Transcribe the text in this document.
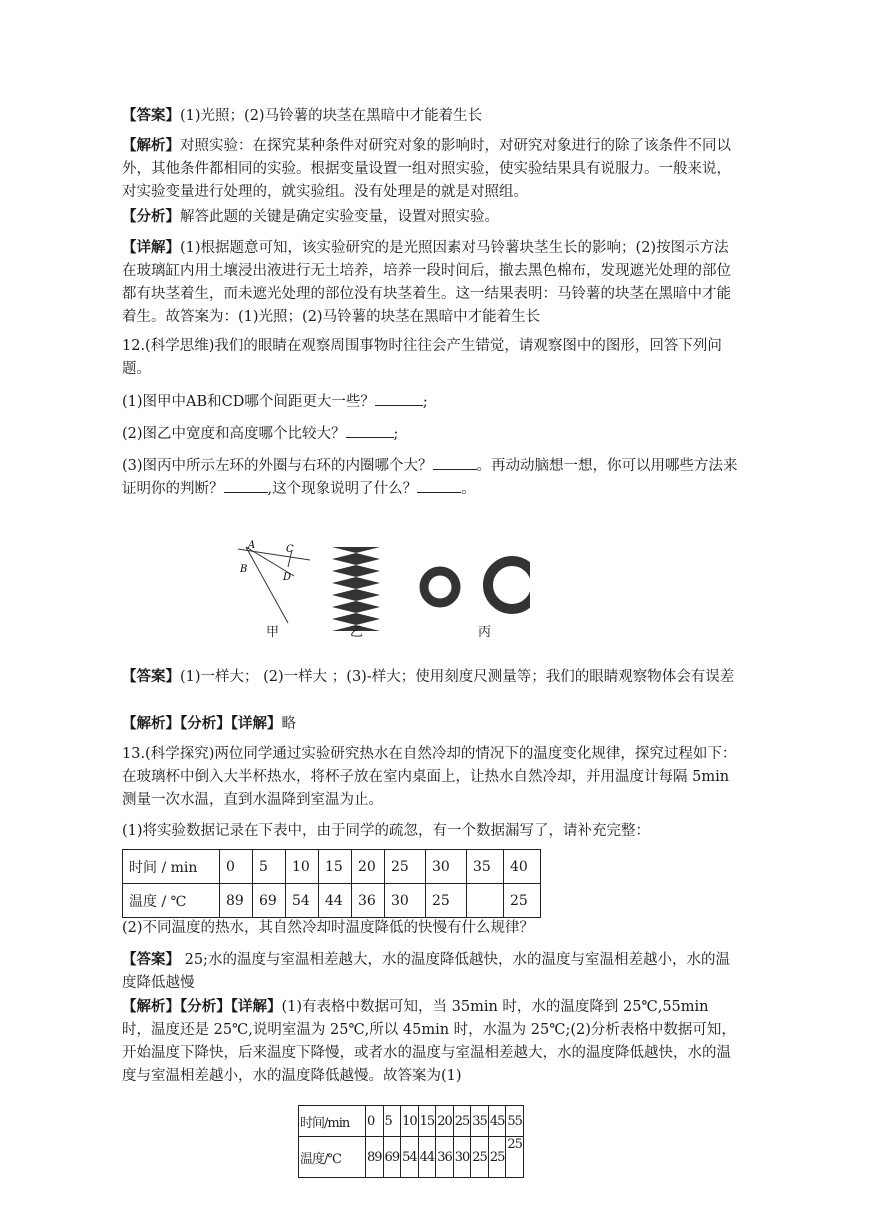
【答案】(1)光照；(2)马铃薯的块茎在黑暗中才能着生长

【解析】对照实验：在探究某种条件对研究对象的影响时，对研究对象进行的除了该条件不同以外，其他条件都相同的实验。根据变量设置一组对照实验，使实验结果具有说服力。一般来说，对实验变量进行处理的，就实验组。没有处理是的就是对照组。

【分析】解答此题的关键是确定实验变量，设置对照实验。

【详解】(1)根据题意可知，该实验研究的是光照因素对马铃薯块茎生长的影响；(2)按图示方法在玻璃缸内用土壤浸出液进行无土培养，培养一段时间后，撤去黑色棉布，发现遮光处理的部位都有块茎着生，而未遮光处理的部位没有块茎着生。这一结果表明：马铃薯的块茎在黑暗中才能着生。故答案为：(1)光照；(2)马铃薯的块茎在黑暗中才能着生长

12.(科学思维)我们的眼睛在观察周围事物时往往会产生错觉，请观察图中的图形，回答下列问题。

(1)图甲中AB和CD哪个间距更大一些？	;

(2)图乙中宽度和高度哪个比较大？	;

(3)图丙中所示左环的外圈与右环的内圈哪个大？	。再动动脑想一想，你可以用哪些方法来证明你的判断？	,这个现象说明了什么？	。

A
B
C
D
甲	乙	丙

【答案】(1)一样大； (2)一样大 ；(3)-样大；使用刻度尺测量等；我们的眼睛观察物体会有误差

【解析】【分析】【详解】略

13.(科学探究)两位同学通过实验研究热水在自然冷却的情况下的温度变化规律，探究过程如下：在玻璃杯中倒入大半杯热水，将杯子放在室内桌面上，让热水自然冷却，并用温度计每隔 5min 测量一次水温，直到水温降到室温为止。

(1)将实验数据记录在下表中，由于同学的疏忽，有一个数据漏写了，请补充完整：

时间 / min	0	5	10	15	20	25	30	35	40
温度 / ℃	89	69	54	44	36	30	25		25

(2)不同温度的热水，其自然冷却时温度降低的快慢有什么规律？

【答案】 25;水的温度与室温相差越大，水的温度降低越快，水的温度与室温相差越小，水的温度降低越慢

【解析】【分析】【详解】(1)有表格中数据可知，当 35min 时，水的温度降到 25℃,55min 时，温度还是 25℃,说明室温为 25℃,所以 45min 时，水温为 25℃;(2)分析表格中数据可知，开始温度下降快，后来温度下降慢，或者水的温度与室温相差越大，水的温度降低越快，水的温度与室温相差越小，水的温度降低越慢。故答案为(1)

时间/min	0	5	10	15	20	25	35	45	55
温度/℃	89	69	54	44	36	30	25	25	25
